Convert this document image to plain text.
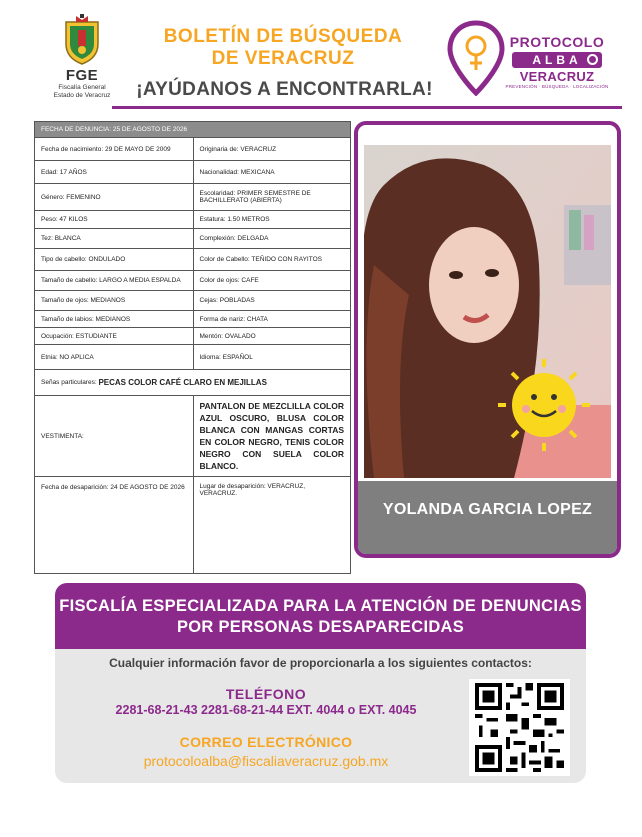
FGE
Fiscalía General
Estado de Veracruz
BOLETÍN DE BÚSQUEDA
DE VERACRUZ
¡AYÚDANOS A ENCONTRARLA!
PROTOCOLO
ALBA
VERACRUZ
PREVENCIÓN · BÚSQUEDA · LOCALIZACIÓN
FECHA DE DENUNCIA: 25 DE AGOSTO DE 2026
Fecha de nacimiento: 29 DE MAYO DE 2009	Originaria de: VERACRUZ
Edad: 17 AÑOS	Nacionalidad: MEXICANA
Género: FEMENINO	Escolaridad: PRIMER SEMESTRE DE BACHILLERATO (ABIERTA)
Peso: 47 KILOS	Estatura: 1.50 METROS
Tez: BLANCA	Complexión: DELGADA
Tipo de cabello: ONDULADO	Color de Cabello: TEÑIDO CON RAYITOS
Tamaño de cabello: LARGO A MEDIA ESPALDA	Color de ojos: CAFE
Tamaño de ojos: MEDIANOS	Cejas: POBLADAS
Tamaño de labios: MEDIANOS	Forma de nariz: CHATA
Ocupación: ESTUDIANTE	Mentón: OVALADO
Etnia: NO APLICA	Idioma: ESPAÑOL
Señas particulares:
PECAS COLOR CAFÉ CLARO EN MEJILLAS
VESTIMENTA:
PANTALON DE MEZCLILLA COLOR AZUL OSCURO, BLUSA COLOR BLANCA CON MANGAS CORTAS EN COLOR NEGRO, TENIS COLOR NEGRO CON SUELA COLOR BLANCO.
Fecha de desaparición: 24 DE AGOSTO DE 2026	Lugar de desaparición: VERACRUZ, VERACRUZ.
YOLANDA GARCIA LOPEZ
FISCALÍA ESPECIALIZADA PARA LA ATENCIÓN DE DENUNCIAS POR PERSONAS DESAPARECIDAS
Cualquier información favor de proporcionarla a los siguientes contactos:
TELÉFONO
2281-68-21-43 2281-68-21-44 EXT. 4044 o EXT. 4045
CORREO ELECTRÓNICO
protocoloalba@fiscaliaveracruz.gob.mx
